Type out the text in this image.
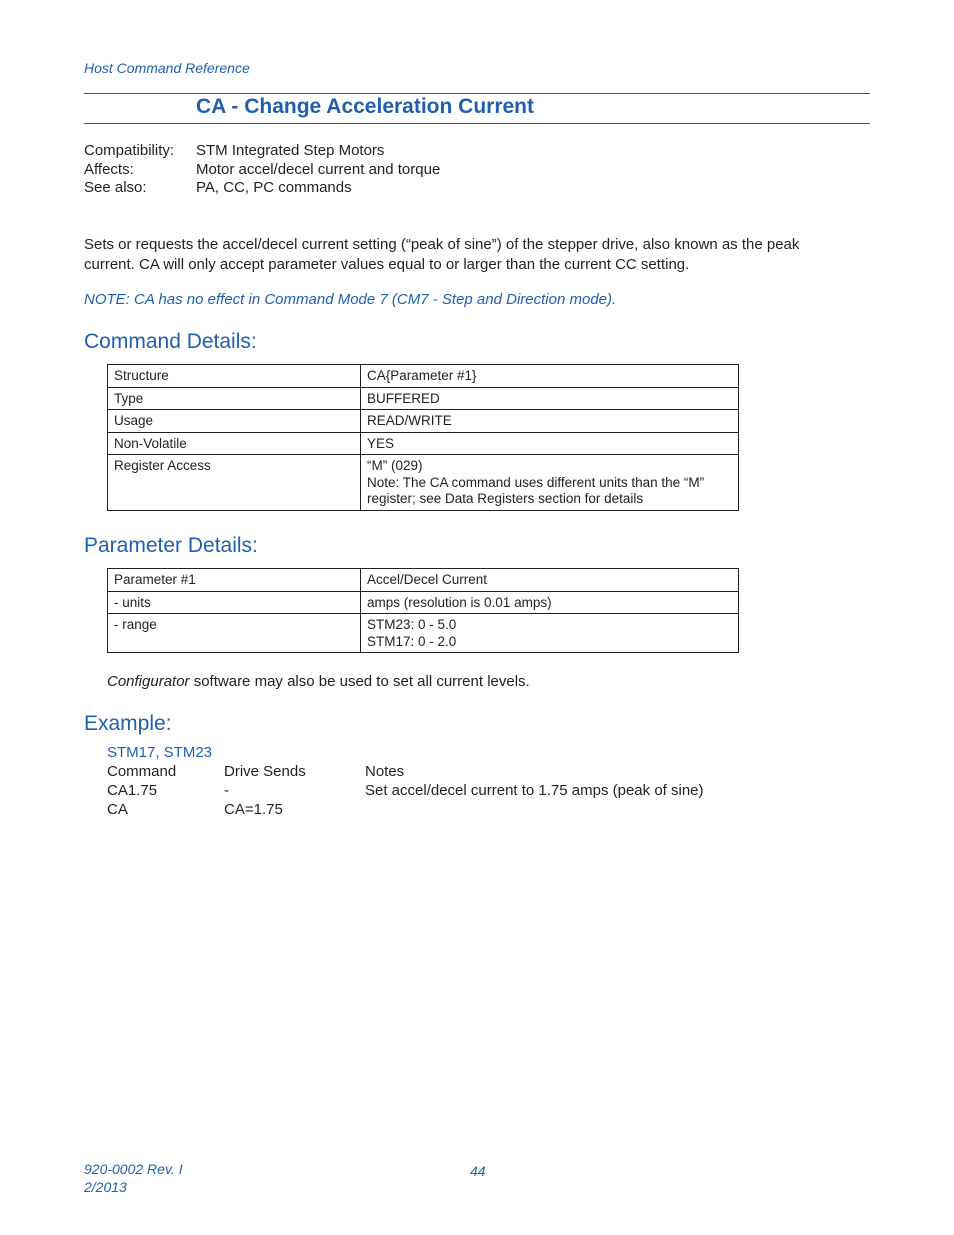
Host Command Reference
CA - Change Acceleration Current
Compatibility:	STM Integrated Step Motors
Affects:	Motor accel/decel current and torque
See also:	PA, CC, PC commands
Sets or requests the accel/decel current setting (“peak of sine”) of the stepper drive, also known as the peak current. CA will only accept parameter values equal to or larger than the current CC setting.
NOTE: CA has no effect in Command Mode 7 (CM7 - Step and Direction mode).
Command Details:
Structure	CA{Parameter #1}

Type	BUFFERED

Usage	READ/WRITE

Non-Volatile	YES

Register Access	“M” (029)
Note: The CA command uses different units than the “M”
register; see Data Registers section for details
Parameter Details:
Parameter #1	Accel/Decel Current

- units	amps (resolution is 0.01 amps)

- range	STM23: 0 - 5.0
STM17: 0 - 2.0
Configurator software may also be used to set all current levels.
Example:
STM17, STM23
Command	Drive Sends	Notes
CA1.75	-	Set accel/decel current to 1.75 amps (peak of sine)
CA	CA=1.75
920-0002 Rev. I
2/2013
44
